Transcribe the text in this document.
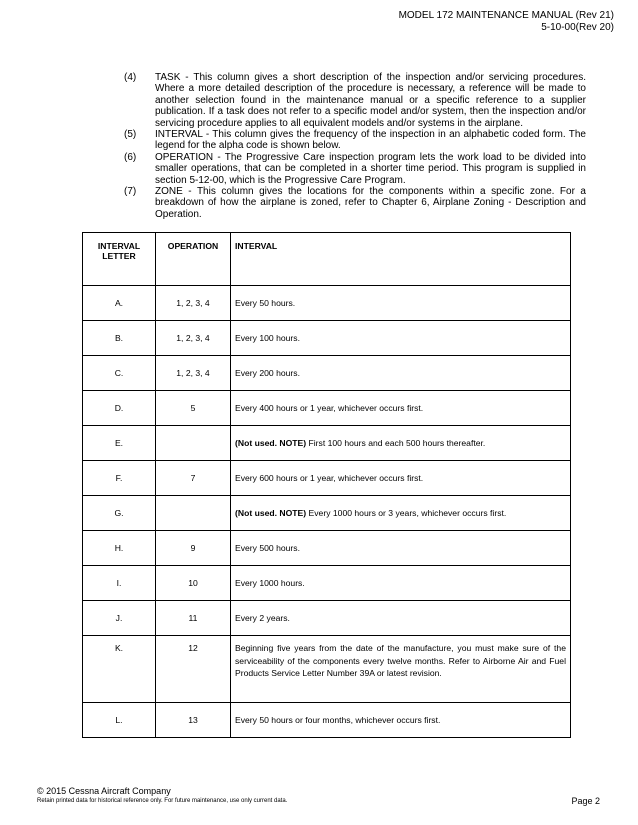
MODEL 172 MAINTENANCE MANUAL (Rev 21)
5-10-00(Rev 20)
(4)	TASK - This column gives a short description of the inspection and/or servicing procedures. Where a more detailed description of the procedure is necessary, a reference will be made to another selection found in the maintenance manual or a specific reference to a supplier publication. If a task does not refer to a specific model and/or system, then the inspection and/or servicing procedure applies to all equivalent models and/or systems in the airplane.
(5)	INTERVAL - This column gives the frequency of the inspection in an alphabetic coded form. The legend for the alpha code is shown below.
(6)	OPERATION - The Progressive Care inspection program lets the work load to be divided into smaller operations, that can be completed in a shorter time period. This program is supplied in section 5-12-00, which is the Progressive Care Program.
(7)	ZONE - This column gives the locations for the components within a specific zone. For a breakdown of how the airplane is zoned, refer to Chapter 6, Airplane Zoning - Description and Operation.
INTERVAL
LETTER	OPERATION	INTERVAL
A.	1, 2, 3, 4	Every 50 hours.
B.	1, 2, 3, 4	Every 100 hours.
C.	1, 2, 3, 4	Every 200 hours.
D.	5	Every 400 hours or 1 year, whichever occurs first.
E.		(Not used. NOTE) First 100 hours and each 500 hours thereafter.
F.	7	Every 600 hours or 1 year, whichever occurs first.
G.		(Not used. NOTE) Every 1000 hours or 3 years, whichever occurs first.
H.	9	Every 500 hours.
I.	10	Every 1000 hours.
J.	11	Every 2 years.
K.	12	Beginning five years from the date of the manufacture, you must make sure of the serviceability of the components every twelve months. Refer to Airborne Air and Fuel Products Service Letter Number 39A or latest revision.
L.	13	Every 50 hours or four months, whichever occurs first.
© 2015 Cessna Aircraft Company
Retain printed data for historical reference only. For future maintenance, use only current data.	Page 2
